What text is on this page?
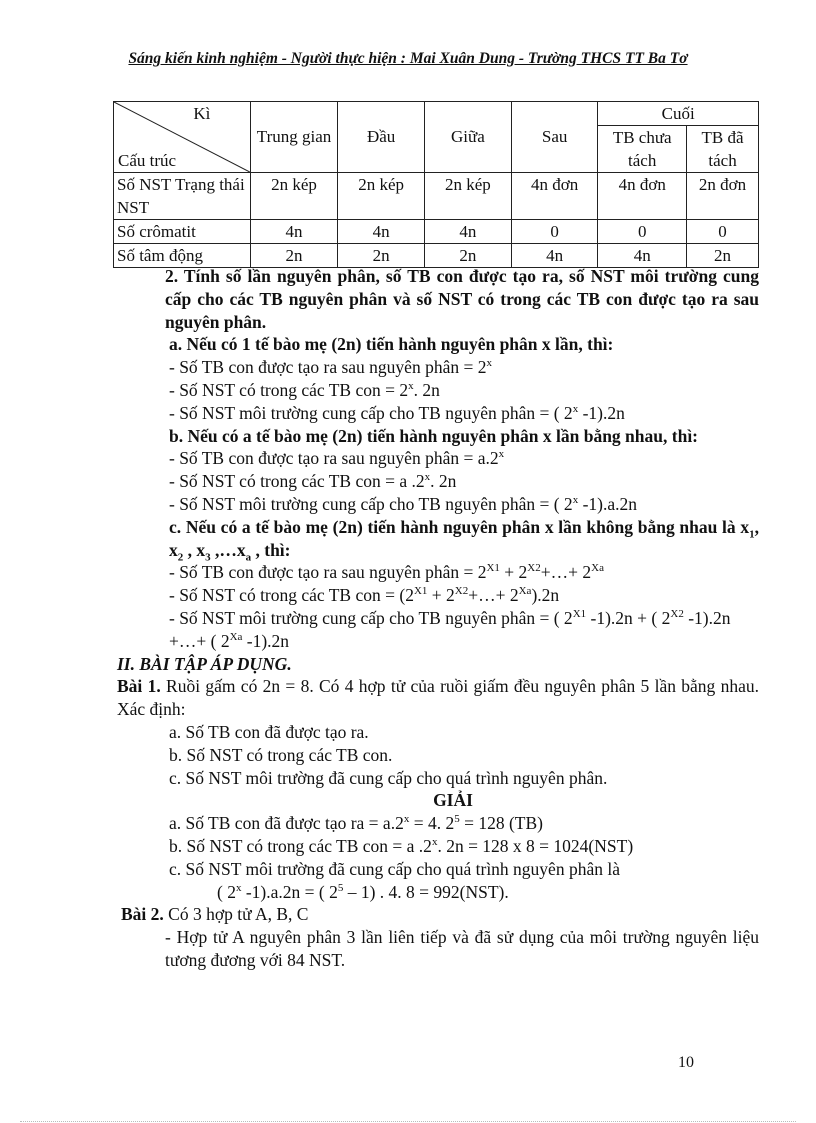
Sáng kiến kinh nghiệm - Người thực hiện : Mai Xuân Dung - Trường THCS TT Ba Tơ
Kì
Cấu trúc	Trung gian	Đầu	Giữa	Sau	Cuối	
					TB chưa tách	TB đã tách
Số NST Trạng thái NST	2n kép	2n kép	2n kép	4n đơn	4n đơn	2n đơn
Số crômatit	4n	4n	4n	0	0	0
Số tâm động	2n	2n	2n	4n	4n	2n

2. Tính số lần nguyên phân, số TB con được tạo ra, số NST môi trường cung cấp cho các TB nguyên phân và số NST có trong các TB con được tạo ra sau nguyên phân.

a. Nếu có 1 tế bào mẹ (2n) tiến hành nguyên phân x lần, thì:

- Số TB con được tạo ra sau nguyên phân = $2^x$

- Số NST có trong các TB con = $2^x$. 2n

- Số NST môi trường cung cấp cho TB nguyên phân = ( 2$^x$ -1).2n

b. Nếu có a tế bào mẹ (2n) tiến hành nguyên phân x lần bằng nhau, thì:

- Số TB con được tạo ra sau nguyên phân = $a.2^x$

- Số NST có trong các TB con = a .2$^x$. 2n

- Số NST môi trường cung cấp cho TB nguyên phân = ( 2$^x$ -1).a.2n

c. Nếu có a tế bào mẹ (2n) tiến hành nguyên phân x lần không bằng nhau là $x_1$, $x_2$ , $x_3$ $,\dots x_a$ , thì:

- Số TB con được tạo ra sau nguyên phân = $2^{X1}$ + $2^{X2}+\dots+ 2^{Xa}$

- Số NST có trong các TB con = ($2^{X1}$ + $2^{X2}+\dots+ 2^{Xa}).2n$

- Số NST môi trường cung cấp cho TB nguyên phân = ( $2^{X1}$ -1).2n + ( $2^{X2}$ -1).2n +…+ ( $2^{Xa}$ -1).2n

II. BÀI TẬP ÁP DỤNG.

Bài 1. Ruồi gấm có 2n = 8. Có 4 hợp tử của ruồi giấm đều nguyên phân 5 lần bằng nhau. Xác định:

a. Số TB con đã được tạo ra.

b. Số NST có trong các TB con.

c. Số NST môi trường đã cung cấp cho quá trình nguyên phân.

GIẢI

a. Số TB con đã được tạo ra = $a.2^x = 4$. $2^5 = 128$ (TB)

b. Số NST có trong các TB con = a .2$^x$. 2n = 128 x 8 = 1024(NST)

c. Số NST môi trường đã cung cấp cho quá trình nguyên phân là

( 2$^x$ -1).a.2n = ( $2^5 - 1$) . 4. 8 = 992(NST).

Bài 2. Có 3 hợp tử A, B, C

- Hợp tử A nguyên phân 3 lần liên tiếp và đã sử dụng của môi trường nguyên liệu tương đương với 84 NST.

10
